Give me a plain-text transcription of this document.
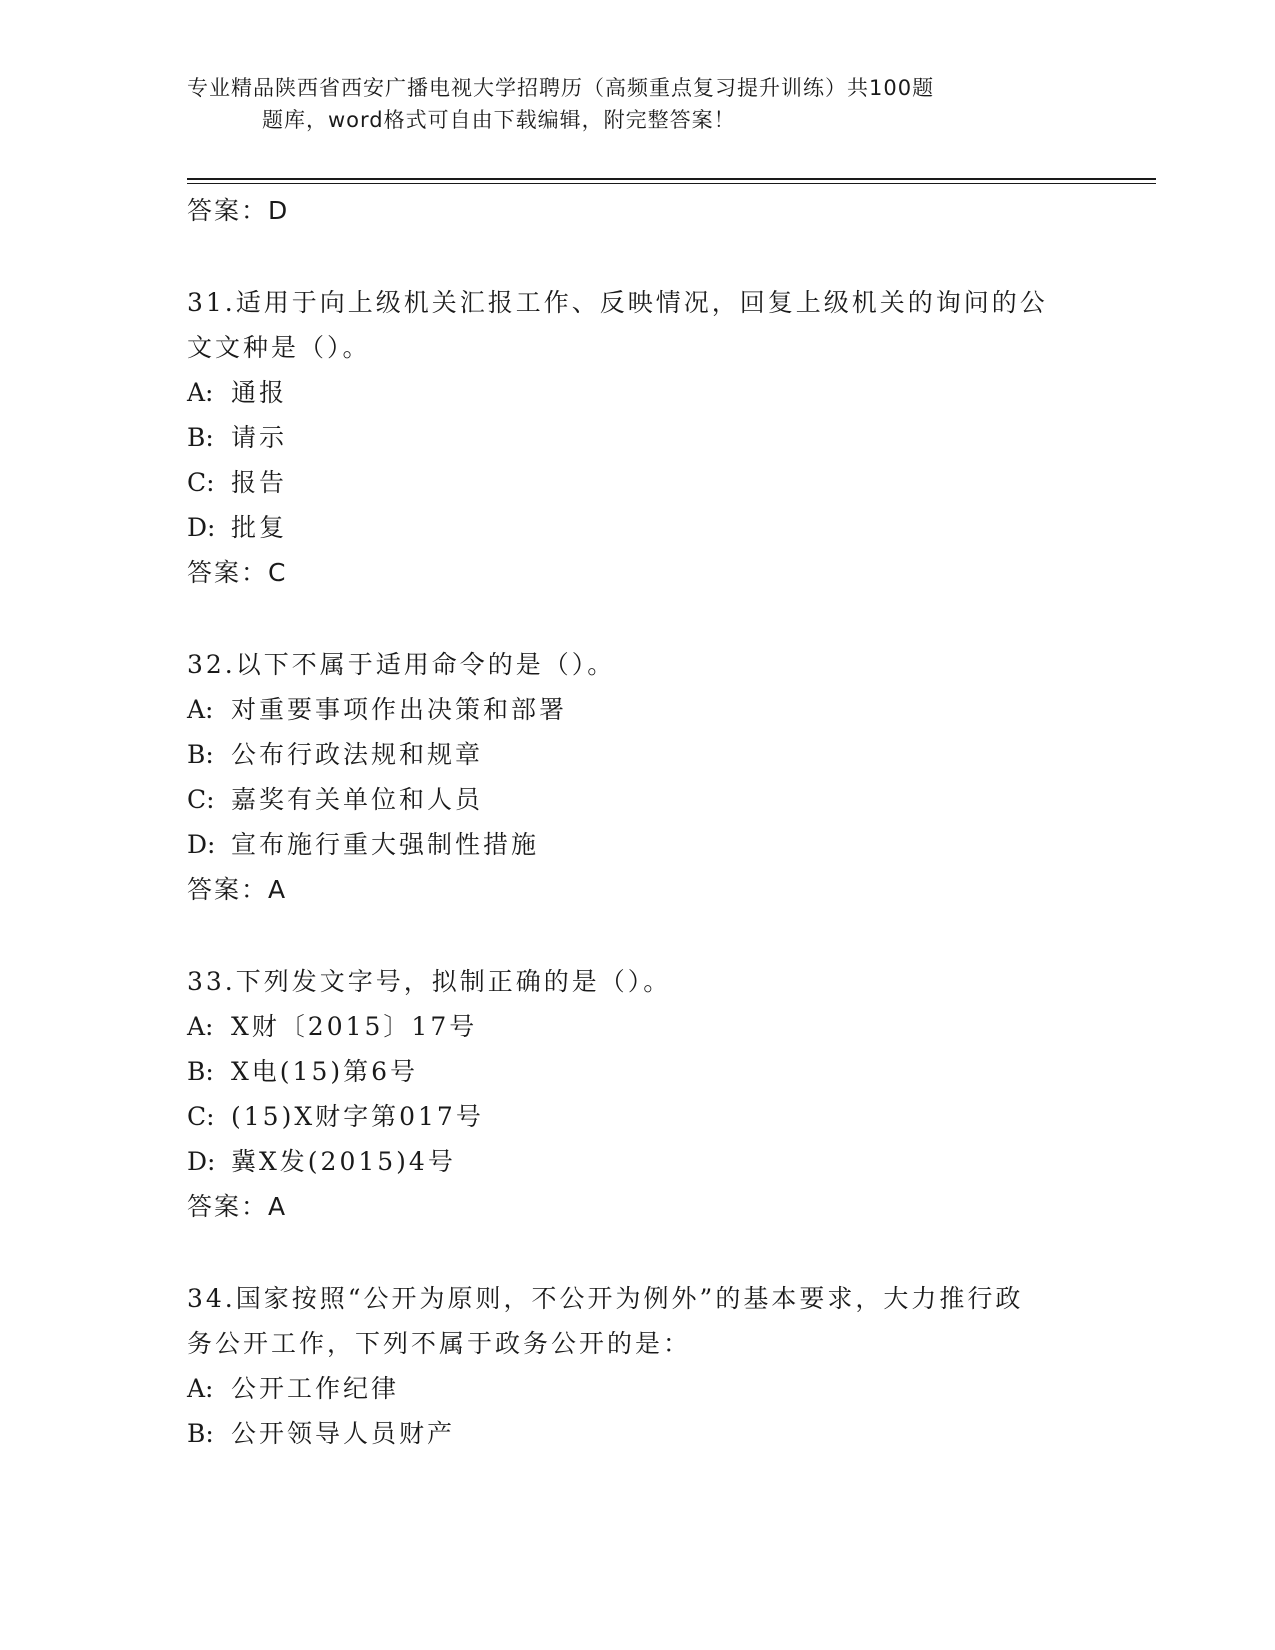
专业精品陕西省西安广播电视大学招聘历（高频重点复习提升训练）共100题
题库，word格式可自由下载编辑，附完整答案！
答案：D
31.适用于向上级机关汇报工作、反映情况，回复上级机关的询问的公
文文种是（）。
A: 通报
B: 请示
C: 报告
D: 批复
答案：C
32.以下不属于适用命令的是（）。
A: 对重要事项作出决策和部署
B: 公布行政法规和规章
C: 嘉奖有关单位和人员
D: 宣布施行重大强制性措施
答案：A
33.下列发文字号，拟制正确的是（）。
A: X财〔2015〕17号
B: X电(15)第6号
C: (15)X财字第017号
D: 冀X发(2015)4号
答案：A
34.国家按照“公开为原则，不公开为例外”的基本要求，大力推行政
务公开工作，下列不属于政务公开的是：
A: 公开工作纪律
B: 公开领导人员财产
